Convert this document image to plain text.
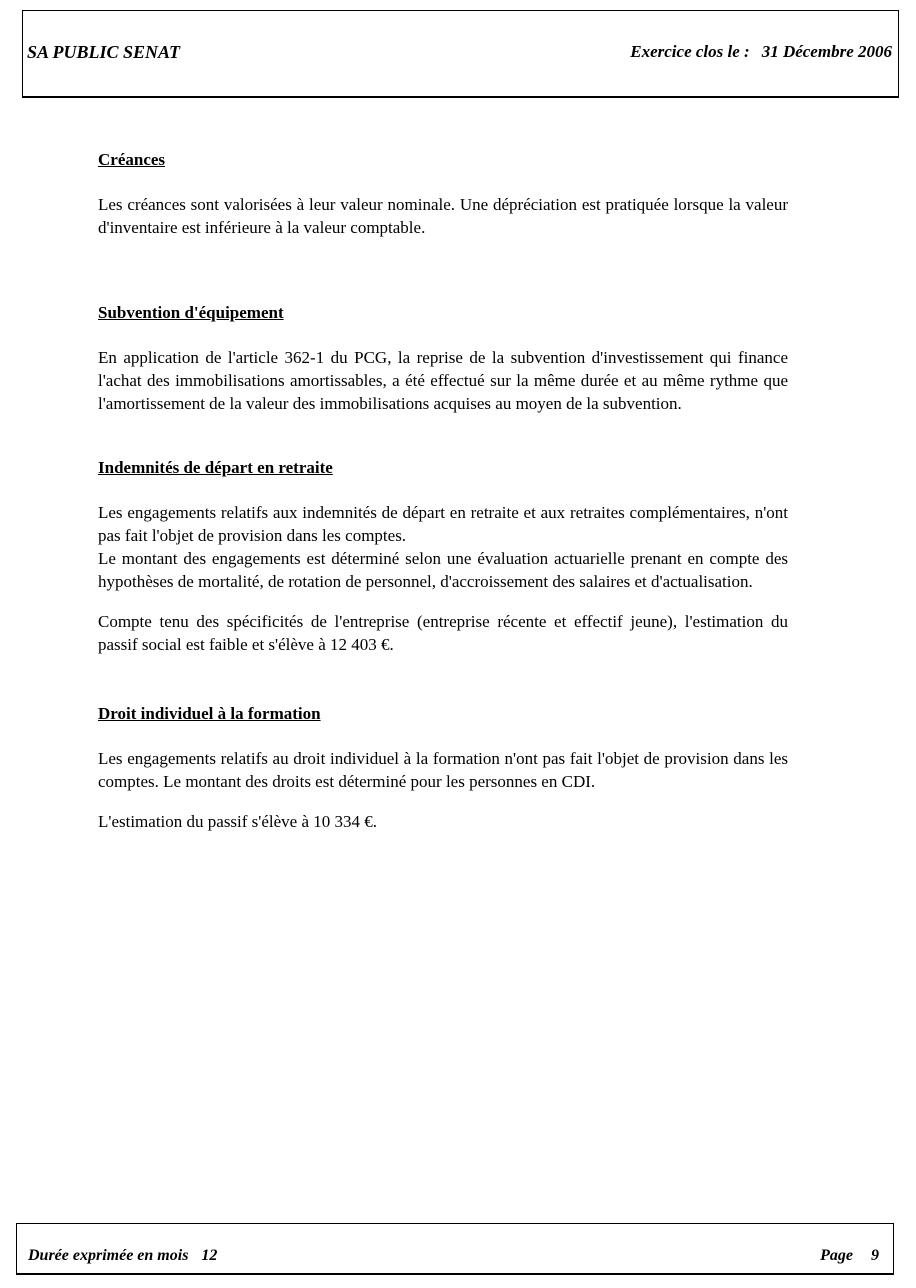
SA PUBLIC SENAT	Exercice clos le : 31 Décembre 2006
Créances

Les créances sont valorisées à leur valeur nominale. Une dépréciation est pratiquée lorsque la valeur d'inventaire est inférieure à la valeur comptable.

Subvention d'équipement

En application de l'article 362-1 du PCG, la reprise de la subvention d'investissement qui finance l'achat des immobilisations amortissables, a été effectué sur la même durée et au même rythme que l'amortissement de la valeur des immobilisations acquises au moyen de la subvention.

Indemnités de départ en retraite

Les engagements relatifs aux indemnités de départ en retraite et aux retraites complémentaires, n'ont pas fait l'objet de provision dans les comptes.

Le montant des engagements est déterminé selon une évaluation actuarielle prenant en compte des hypothèses de mortalité, de rotation de personnel, d'accroissement des salaires et d'actualisation.

Compte tenu des spécificités de l'entreprise (entreprise récente et effectif jeune), l'estimation du passif social est faible et s'élève à 12 403 €.

Droit individuel à la formation

Les engagements relatifs au droit individuel à la formation n'ont pas fait l'objet de provision dans les comptes. Le montant des droits est déterminé pour les personnes en CDI.

L'estimation du passif s'élève à 10 334 €.

Durée exprimée en mois 12	Page 9
